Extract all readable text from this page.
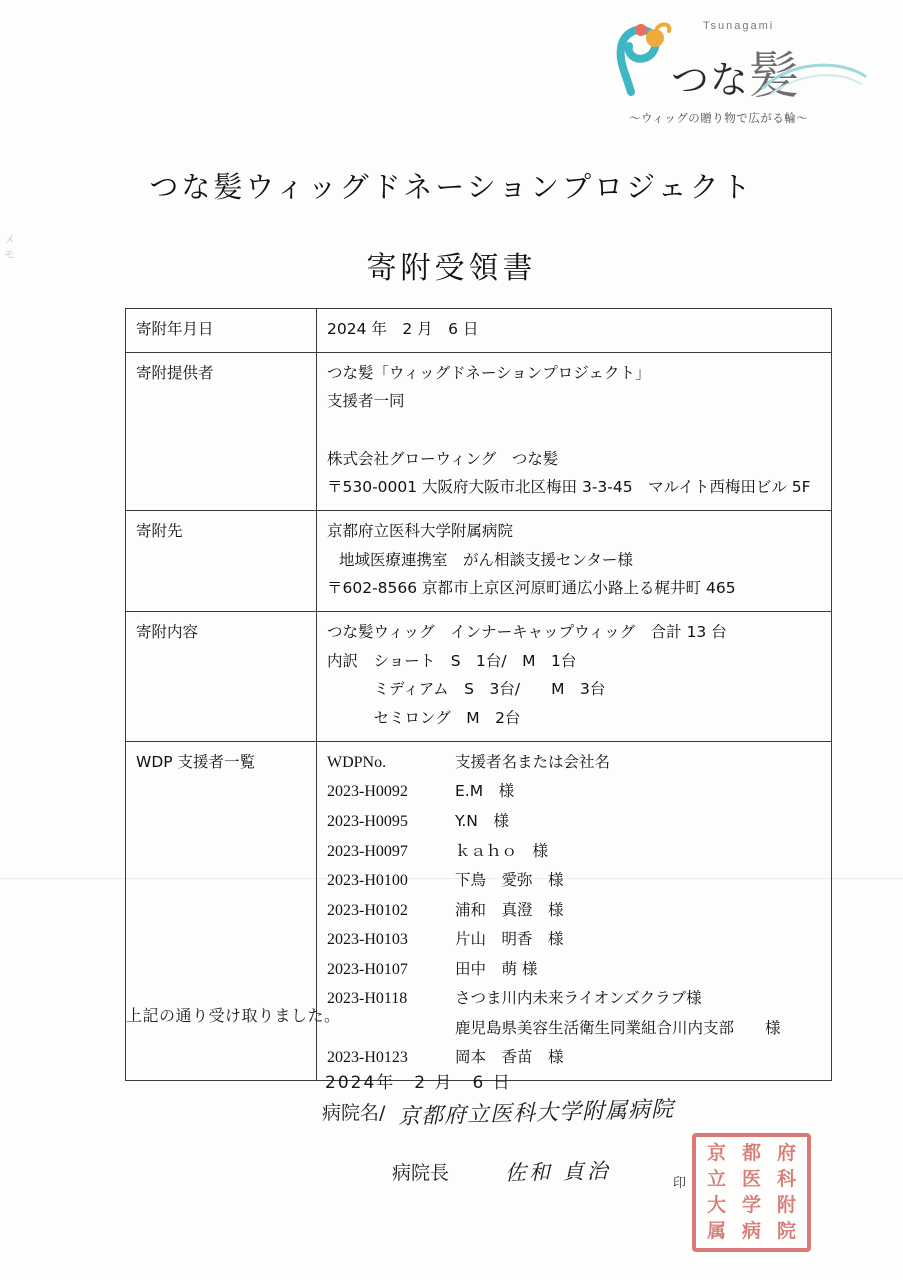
メ モ
Tsunagami
つな髪
〜ウィッグの贈り物で広がる輪〜
つな髪ウィッグドネーションプロジェクト
寄附受領書
寄附年月日	2024 年　2 月　6 日

寄附提供者	つな髪「ウィッグドネーションプロジェクト」
支援者一同

株式会社グローウィング　つな髪
〒530-0001 大阪府大阪市北区梅田 3-3-45　マルイト西梅田ビル 5F

寄附先	京都府立医科大学附属病院
地域医療連携室　がん相談支援センター様
〒602-8566 京都市上京区河原町通広小路上る梶井町 465

寄附内容	つな髪ウィッグ　インナーキャップウィッグ　合計 13 台
内訳　ショート　S　1台/　M　1台
　　　ミディアム　S　3台/　　M　3台
　　　セミロング　M　2台

WDP 支援者一覧	WDPNo.	支援者名または会社名
2023-H0092	E.M　様
2023-H0095	Y.N　様
2023-H0097	ｋａｈｏ　様
2023-H0100	下鳥　愛弥　様
2023-H0102	浦和　真澄　様
2023-H0103	片山　明香　様
2023-H0107	田中　萌 様
2023-H0118	さつま川内未来ライオンズクラブ様
鹿児島県美容生活衛生同業組合川内支部　　様
2023-H0123	岡本　香苗　様
上記の通り受け取りました。
2024年　2 月　6 日
病院名/ 京都府立医科大学附属病院
病院長	佐和 貞治	印
京 都 府
立 医 科
大 学 附
属 病 院
